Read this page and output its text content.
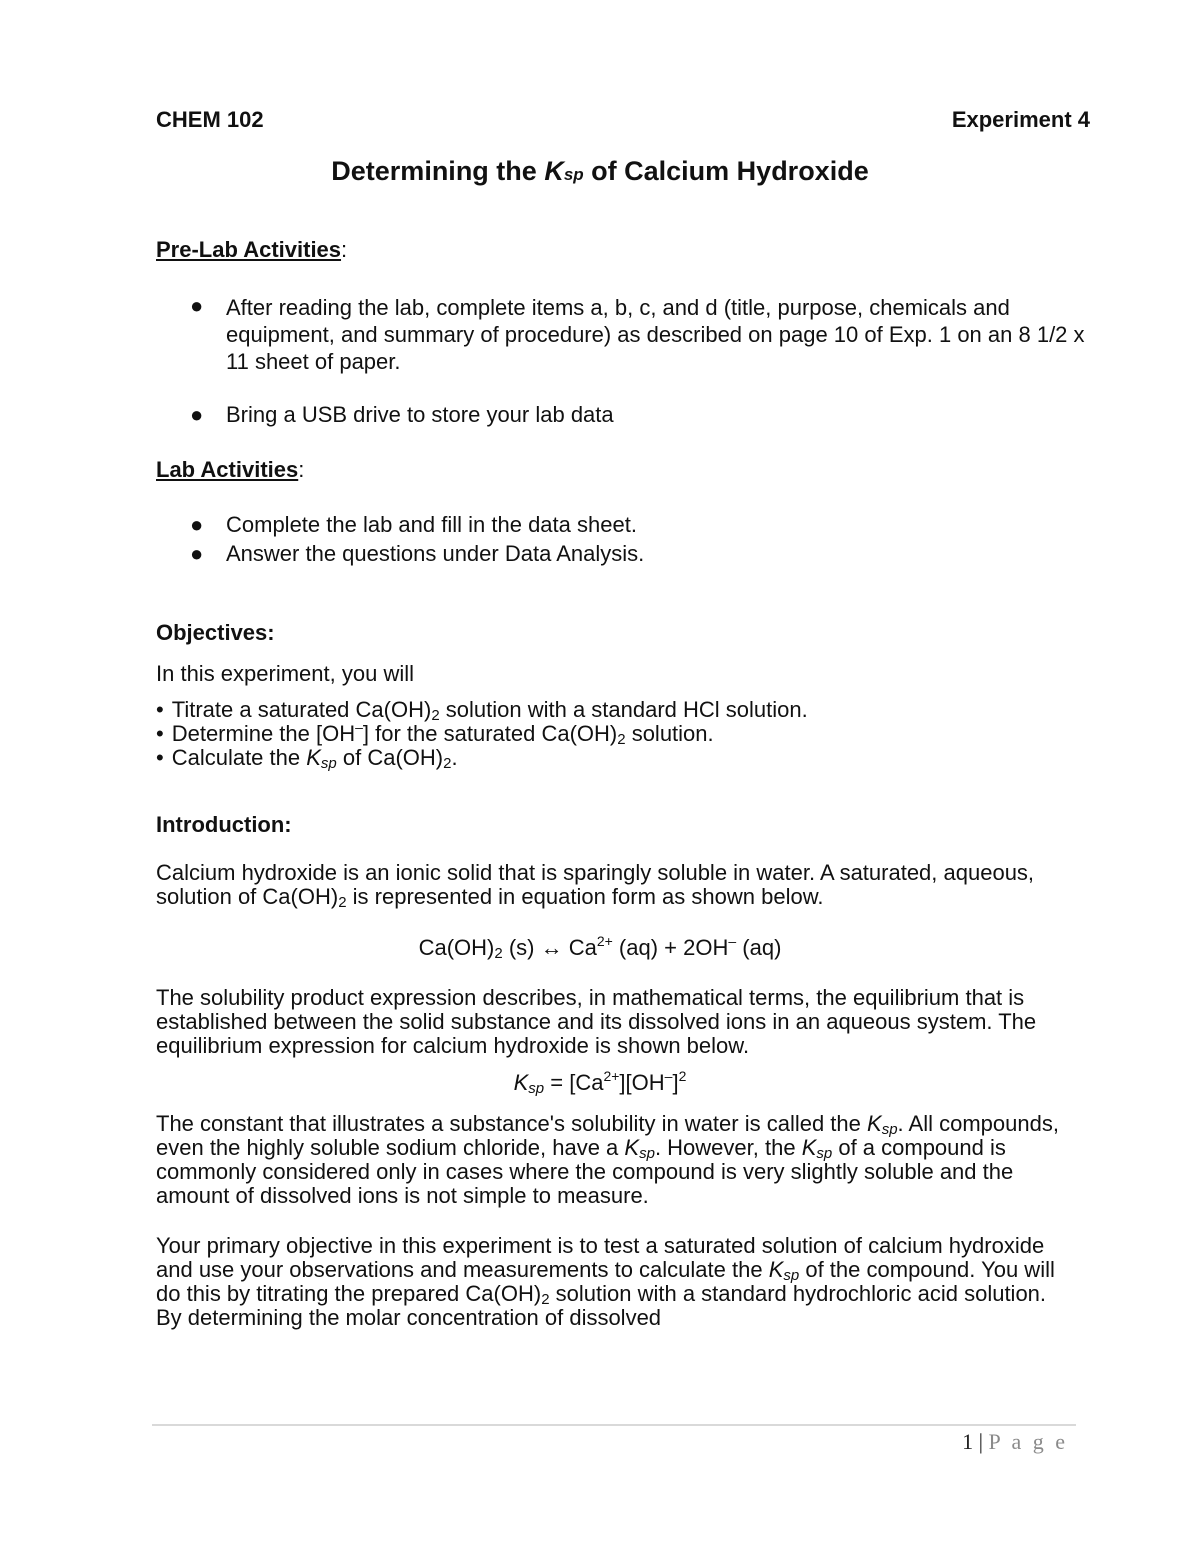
CHEM 102	Experiment 4
Determining the Ksp of Calcium Hydroxide
Pre-Lab Activities:
● After reading the lab, complete items a, b, c, and d (title, purpose, chemicals and equipment, and summary of procedure) as described on page 10 of Exp. 1 on an 8 1/2 x 11 sheet of paper.
● Bring a USB drive to store your lab data
Lab Activities:
● Complete the lab and fill in the data sheet.
● Answer the questions under Data Analysis.
Objectives:
In this experiment, you will
• Titrate a saturated $Ca(OH)_2$ solution with a standard HCl solution.
• Determine the [OH–] for the saturated $Ca(OH)_2$ solution.
• Calculate the $K_{sp}$ of $Ca(OH)_2$.
Introduction:
Calcium hydroxide is an ionic solid that is sparingly soluble in water. A saturated, aqueous, solution of $Ca(OH)_2$ is represented in equation form as shown below.
$Ca(OH)_2$ (s) ↔ $Ca^{2+}$ (aq) + 2OH– (aq)
The solubility product expression describes, in mathematical terms, the equilibrium that is established between the solid substance and its dissolved ions in an aqueous system. The equilibrium expression for calcium hydroxide is shown below.
$K_{sp} = [Ca^{2+}][OH^-]^2$
The constant that illustrates a substance's solubility in water is called the $K_{sp}$. All compounds, even the highly soluble sodium chloride, have a $K_{sp}$. However, the $K_{sp}$ of a compound is commonly considered only in cases where the compound is very slightly soluble and the amount of dissolved ions is not simple to measure.
Your primary objective in this experiment is to test a saturated solution of calcium hydroxide and use your observations and measurements to calculate the $K_{sp}$ of the compound. You will do this by titrating the prepared $Ca(OH)_2$ solution with a standard hydrochloric acid solution. By determining the molar concentration of dissolved
1 | P a g e
